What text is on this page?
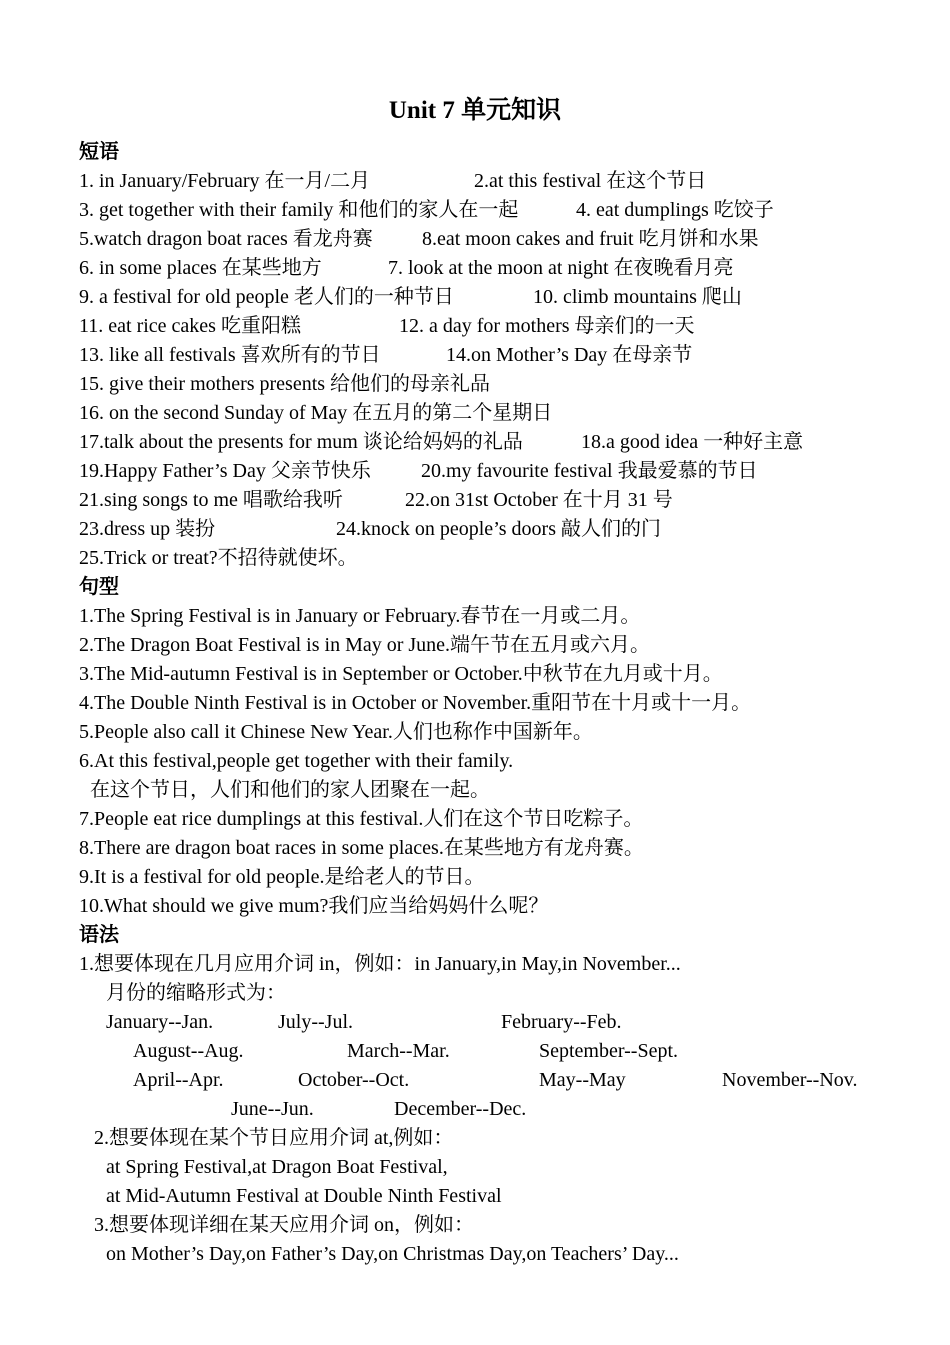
Unit 7 单元知识
短语
1. in January/February 在一月/二月	2.at this festival 在这个节日
3. get together with their family 和他们的家人在一起	4. eat dumplings 吃饺子
5.watch dragon boat races 看龙舟赛 8.eat moon cakes and fruit 吃月饼和水果
6. in some places 在某些地方	7. look at the moon at night 在夜晚看月亮
9. a festival for old people 老人们的一种节日	10. climb mountains 爬山
11. eat rice cakes 吃重阳糕	12. a day for mothers 母亲们的一天
13. like all festivals 喜欢所有的节日	14.on Mother’s Day 在母亲节
15. give their mothers presents 给他们的母亲礼品
16. on the second Sunday of May 在五月的第二个星期日
17.talk about the presents for mum 谈论给妈妈的礼品	18.a good idea 一种好主意
19.Happy Father’s Day 父亲节快乐	20.my favourite festival 我最爱慕的节日
21.sing songs to me 唱歌给我听	22.on 31st October 在十月 31 号
23.dress up 装扮	24.knock on people’s doors 敲人们的门
25.Trick or treat?不招待就使坏。
句型
1.The Spring Festival is in January or February.春节在一月或二月。
2.The Dragon Boat Festival is in May or June.端午节在五月或六月。
3.The Mid-autumn Festival is in September or October.中秋节在九月或十月。
4.The Double Ninth Festival is in October or November.重阳节在十月或十一月。
5.People also call it Chinese New Year.人们也称作中国新年。
6.At this festival,people get together with their family.
在这个节日，人们和他们的家人团聚在一起。
7.People eat rice dumplings at this festival.人们在这个节日吃粽子。
8.There are dragon boat races in some places.在某些地方有龙舟赛。
9.It is a festival for old people.是给老人的节日。
10.What should we give mum?我们应当给妈妈什么呢？
语法
1.想要体现在几月应用介词 in，例如：in January,in May,in November...
月份的缩略形式为：
January--Jan.	July--Jul.	February--Feb.
August--Aug.	March--Mar.	September--Sept.
April--Apr.	October--Oct.	May--May	November--Nov.
June--Jun.	December--Dec.
2.想要体现在某个节日应用介词 at,例如：
at Spring Festival,at Dragon Boat Festival,
at Mid-Autumn Festival at Double Ninth Festival
3.想要体现详细在某天应用介词 on，例如：
on Mother’s Day,on Father’s Day,on Christmas Day,on Teachers’ Day...
